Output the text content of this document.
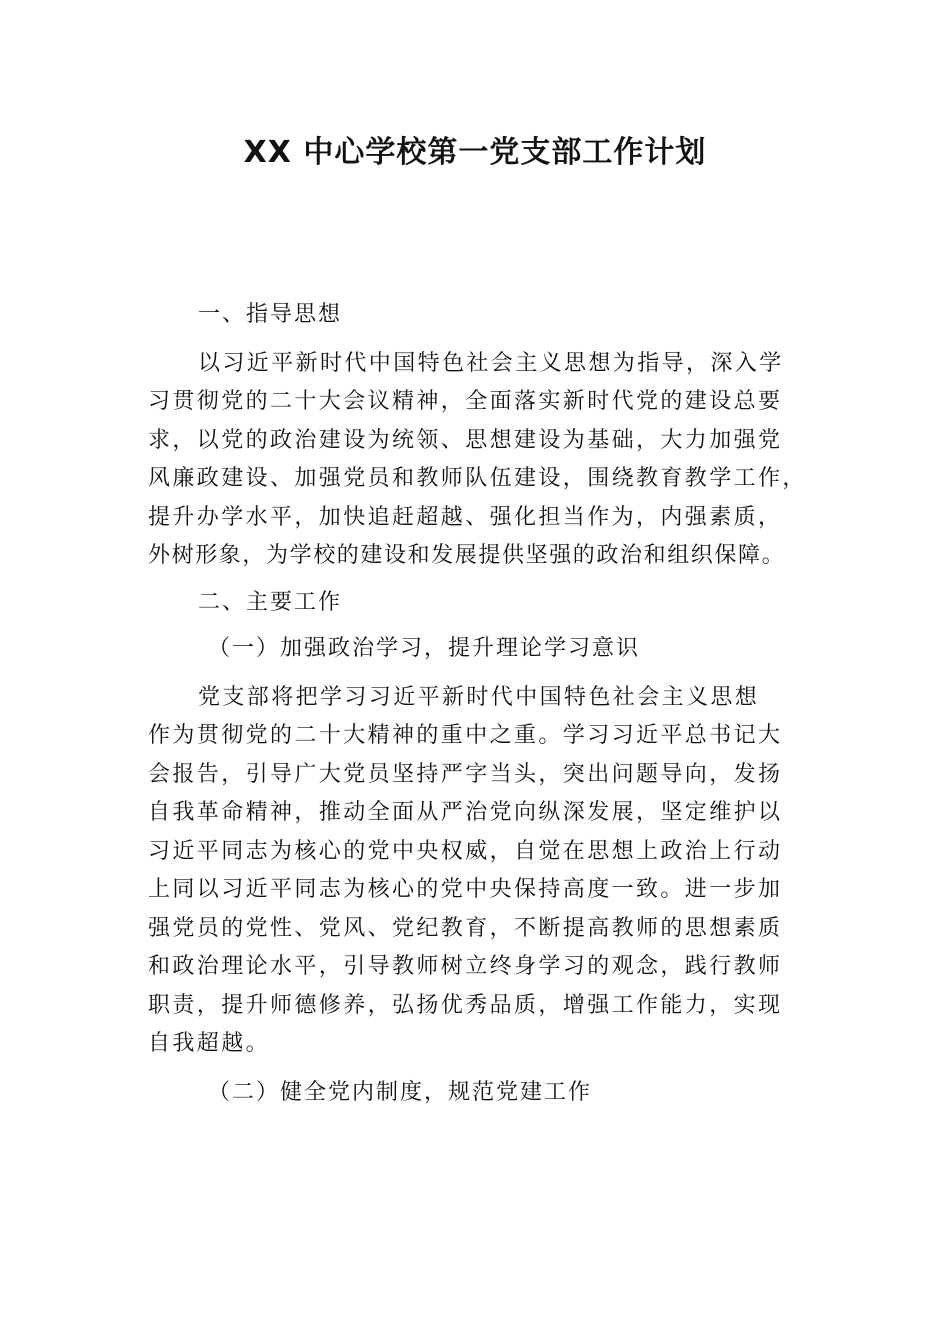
XX 中心学校第一党支部工作计划
一、指导思想
以习近平新时代中国特色社会主义思想为指导，深入学
习贯彻党的二十大会议精神，全面落实新时代党的建设总要
求，以党的政治建设为统领、思想建设为基础，大力加强党
风廉政建设、加强党员和教师队伍建设，围绕教育教学工作，
提升办学水平，加快追赶超越、强化担当作为，内强素质，
外树形象，为学校的建设和发展提供坚强的政治和组织保障。
二、主要工作
（一）加强政治学习，提升理论学习意识
党支部将把学习习近平新时代中国特色社会主义思想
作为贯彻党的二十大精神的重中之重。学习习近平总书记大
会报告，引导广大党员坚持严字当头，突出问题导向，发扬
自我革命精神，推动全面从严治党向纵深发展，坚定维护以
习近平同志为核心的党中央权威，自觉在思想上政治上行动
上同以习近平同志为核心的党中央保持高度一致。进一步加
强党员的党性、党风、党纪教育，不断提高教师的思想素质
和政治理论水平，引导教师树立终身学习的观念，践行教师
职责，提升师德修养，弘扬优秀品质，增强工作能力，实现
自我超越。
（二）健全党内制度，规范党建工作
